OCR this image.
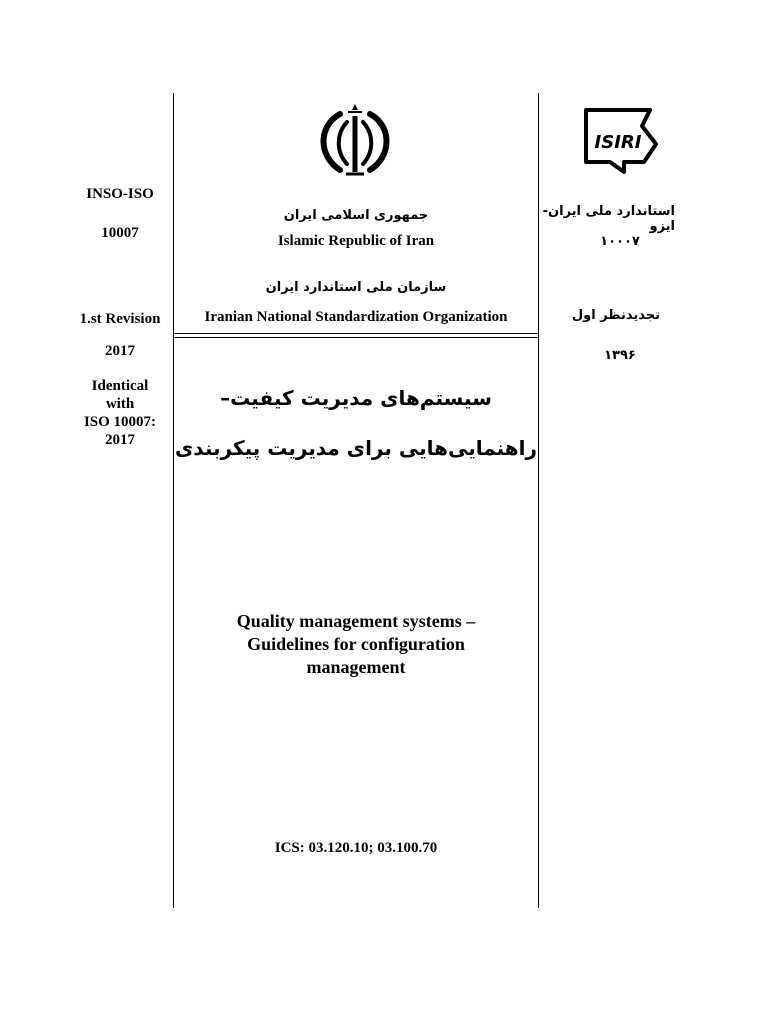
INSO-ISO
10007
1.st Revision
2017
Identical
with
ISO 10007:
2017
جمهوری اسلامی ایران
Islamic Republic of Iran
سازمان ملی استاندارد ایران
Iranian National Standardization Organization
ISIRI
استاندارد ملی ایران-ایزو
۱۰۰۰۷
تجدیدنظر اول
۱۳۹۶
سیستم‌های مدیریت کیفیت–
راهنمایی‌هایی برای مدیریت پیکربندی
Quality management systems –
Guidelines for configuration
management
ICS: 03.120.10; 03.100.70
